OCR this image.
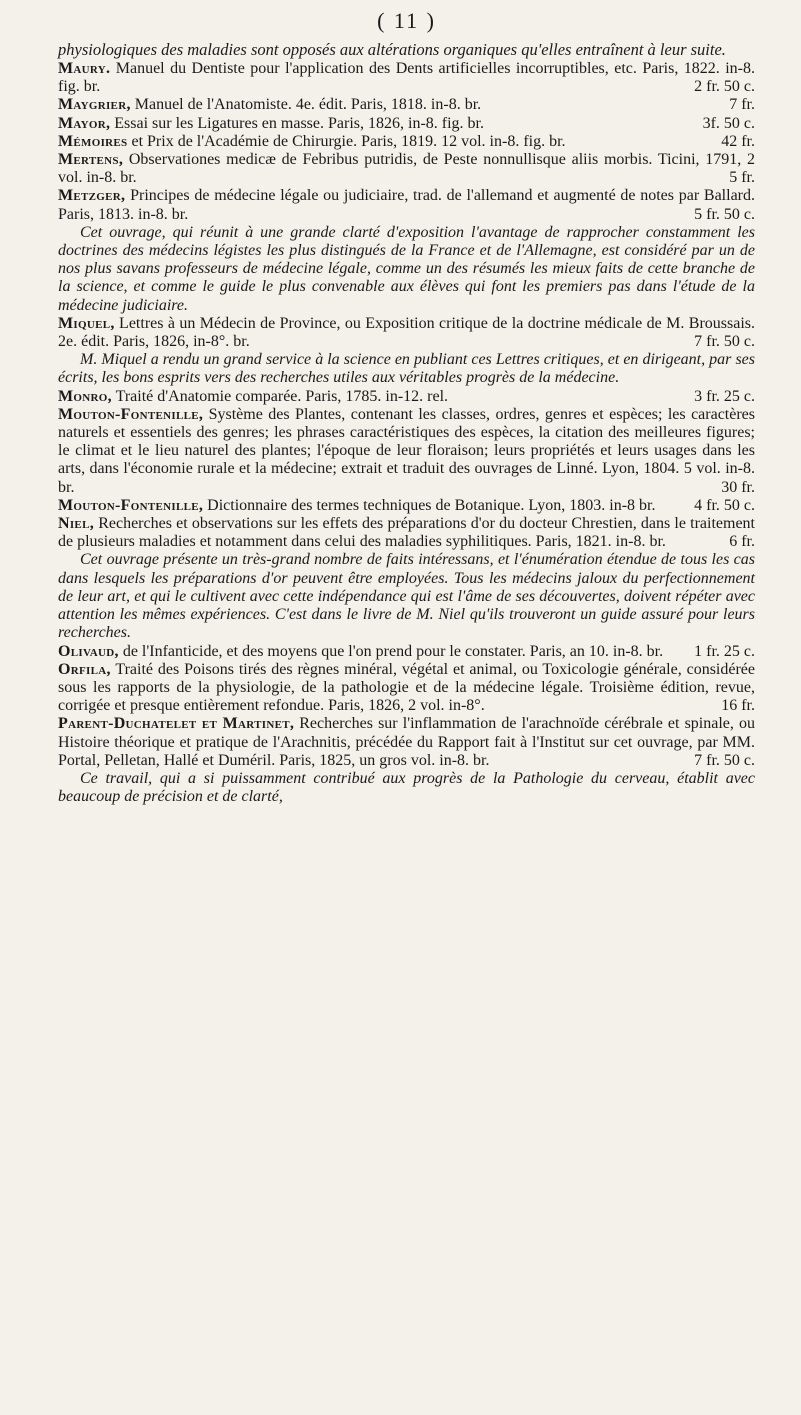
( 11 )
physiologiques des maladies sont opposés aux altérations organiques qu'elles entraînent à leur suite.
Maury. Manuel du Dentiste pour l'application des Dents artificielles incorruptibles, etc. Paris, 1822. in-8. fig. br.	2 fr. 50 c.
Maygrier, Manuel de l'Anatomiste. 4e. édit. Paris, 1818. in-8. br.	7 fr.
Mayor, Essai sur les Ligatures en masse. Paris, 1826, in-8. fig. br.	3f. 50 c.
Mémoires et Prix de l'Académie de Chirurgie. Paris, 1819. 12 vol. in-8. fig. br.	42 fr.
Mertens, Observationes medicæ de Febribus putridis, de Peste nonnullisque aliis morbis. Ticini, 1791, 2 vol. in-8. br.	5 fr.
Metzger, Principes de médecine légale ou judiciaire, trad. de l'allemand et augmenté de notes par Ballard. Paris, 1813. in-8. br.	5 fr. 50 c.
Cet ouvrage, qui réunit à une grande clarté d'exposition l'avantage de rapprocher constamment les doctrines des médecins légistes les plus distingués de la France et de l'Allemagne, est considéré par un de nos plus savans professeurs de médecine légale, comme un des résumés les mieux faits de cette branche de la science, et comme le guide le plus convenable aux élèves qui font les premiers pas dans l'étude de la médecine judiciaire.
Miquel, Lettres à un Médecin de Province, ou Exposition critique de la doctrine médicale de M. Broussais. 2e. édit. Paris, 1826, in-8°. br.	7 fr. 50 c.
M. Miquel a rendu un grand service à la science en publiant ces Lettres critiques, et en dirigeant, par ses écrits, les bons esprits vers des recherches utiles aux véritables progrès de la médecine.
Monro, Traité d'Anatomie comparée. Paris, 1785. in-12. rel.	3 fr. 25 c.
Mouton-Fontenille, Système des Plantes, contenant les classes, ordres, genres et espèces; les caractères naturels et essentiels des genres; les phrases caractéristiques des espèces, la citation des meilleures figures; le climat et le lieu naturel des plantes; l'époque de leur floraison; leurs propriétés et leurs usages dans les arts, dans l'économie rurale et la médecine; extrait et traduit des ouvrages de Linné. Lyon, 1804. 5 vol. in-8. br.	30 fr.
Mouton-Fontenille, Dictionnaire des termes techniques de Botanique. Lyon, 1803. in-8 br. 4 fr. 50 c.
Niel, Recherches et observations sur les effets des préparations d'or du docteur Chrestien, dans le traitement de plusieurs maladies et notamment dans celui des maladies syphilitiques. Paris, 1821. in-8. br.	6 fr.
Cet ouvrage présente un très-grand nombre de faits intéressans, et l'énumération étendue de tous les cas dans lesquels les préparations d'or peuvent être employées. Tous les médecins jaloux du perfectionnement de leur art, et qui le cultivent avec cette indépendance qui est l'âme de ses découvertes, doivent répéter avec attention les mêmes expériences. C'est dans le livre de M. Niel qu'ils trouveront un guide assuré pour leurs recherches.
Olivaud, de l'Infanticide, et des moyens que l'on prend pour le constater. Paris, an 10. in-8. br. 1 fr. 25 c.
Orfila, Traité des Poisons tirés des règnes minéral, végétal et animal, ou Toxicologie générale, considérée sous les rapports de la physiologie, de la pathologie et de la médecine légale. Troisième édition, revue, corrigée et presque entièrement refondue. Paris, 1826, 2 vol. in-8°.	16 fr.
Parent-Duchatelet et Martinet, Recherches sur l'inflammation de l'arachnoïde cérébrale et spinale, ou Histoire théorique et pratique de l'Arachnitis, précédée du Rapport fait à l'Institut sur cet ouvrage, par MM. Portal, Pelletan, Hallé et Duméril. Paris, 1825, un gros vol. in-8. br.	7 fr. 50 c.
Ce travail, qui a si puissamment contribué aux progrès de la Pathologie du cerveau, établit avec beaucoup de précision et de clarté,
